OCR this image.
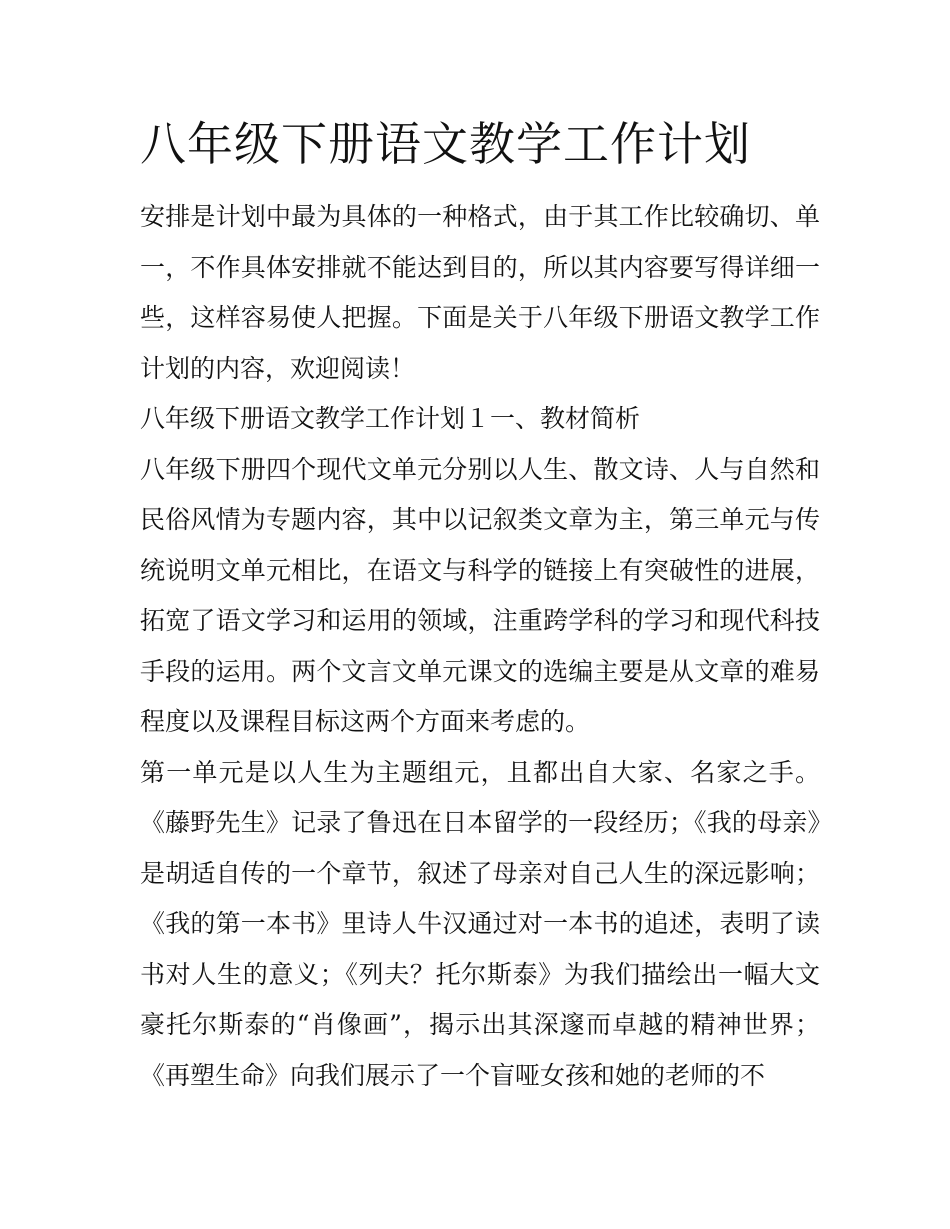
八年级下册语文教学工作计划

安排是计划中最为具体的一种格式，由于其工作比较确切、单一，不作具体安排就不能达到目的，所以其内容要写得详细一些，这样容易使人把握。下面是关于八年级下册语文教学工作计划的内容，欢迎阅读！

八年级下册语文教学工作计划１一、教材简析

八年级下册四个现代文单元分别以人生、散文诗、人与自然和民俗风情为专题内容，其中以记叙类文章为主，第三单元与传统说明文单元相比，在语文与科学的链接上有突破性的进展，拓宽了语文学习和运用的领域，注重跨学科的学习和现代科技手段的运用。两个文言文单元课文的选编主要是从文章的难易程度以及课程目标这两个方面来考虑的。

第一单元是以人生为主题组元，且都出自大家、名家之手。《藤野先生》记录了鲁迅在日本留学的一段经历；《我的母亲》是胡适自传的一个章节，叙述了母亲对自己人生的深远影响；《我的第一本书》里诗人牛汉通过对一本书的追述，表明了读书对人生的意义；《列夫？托尔斯泰》为我们描绘出一幅大文豪托尔斯泰的“肖像画”，揭示出其深邃而卓越的精神世界；《再塑生命》向我们展示了一个盲哑女孩和她的老师的不
